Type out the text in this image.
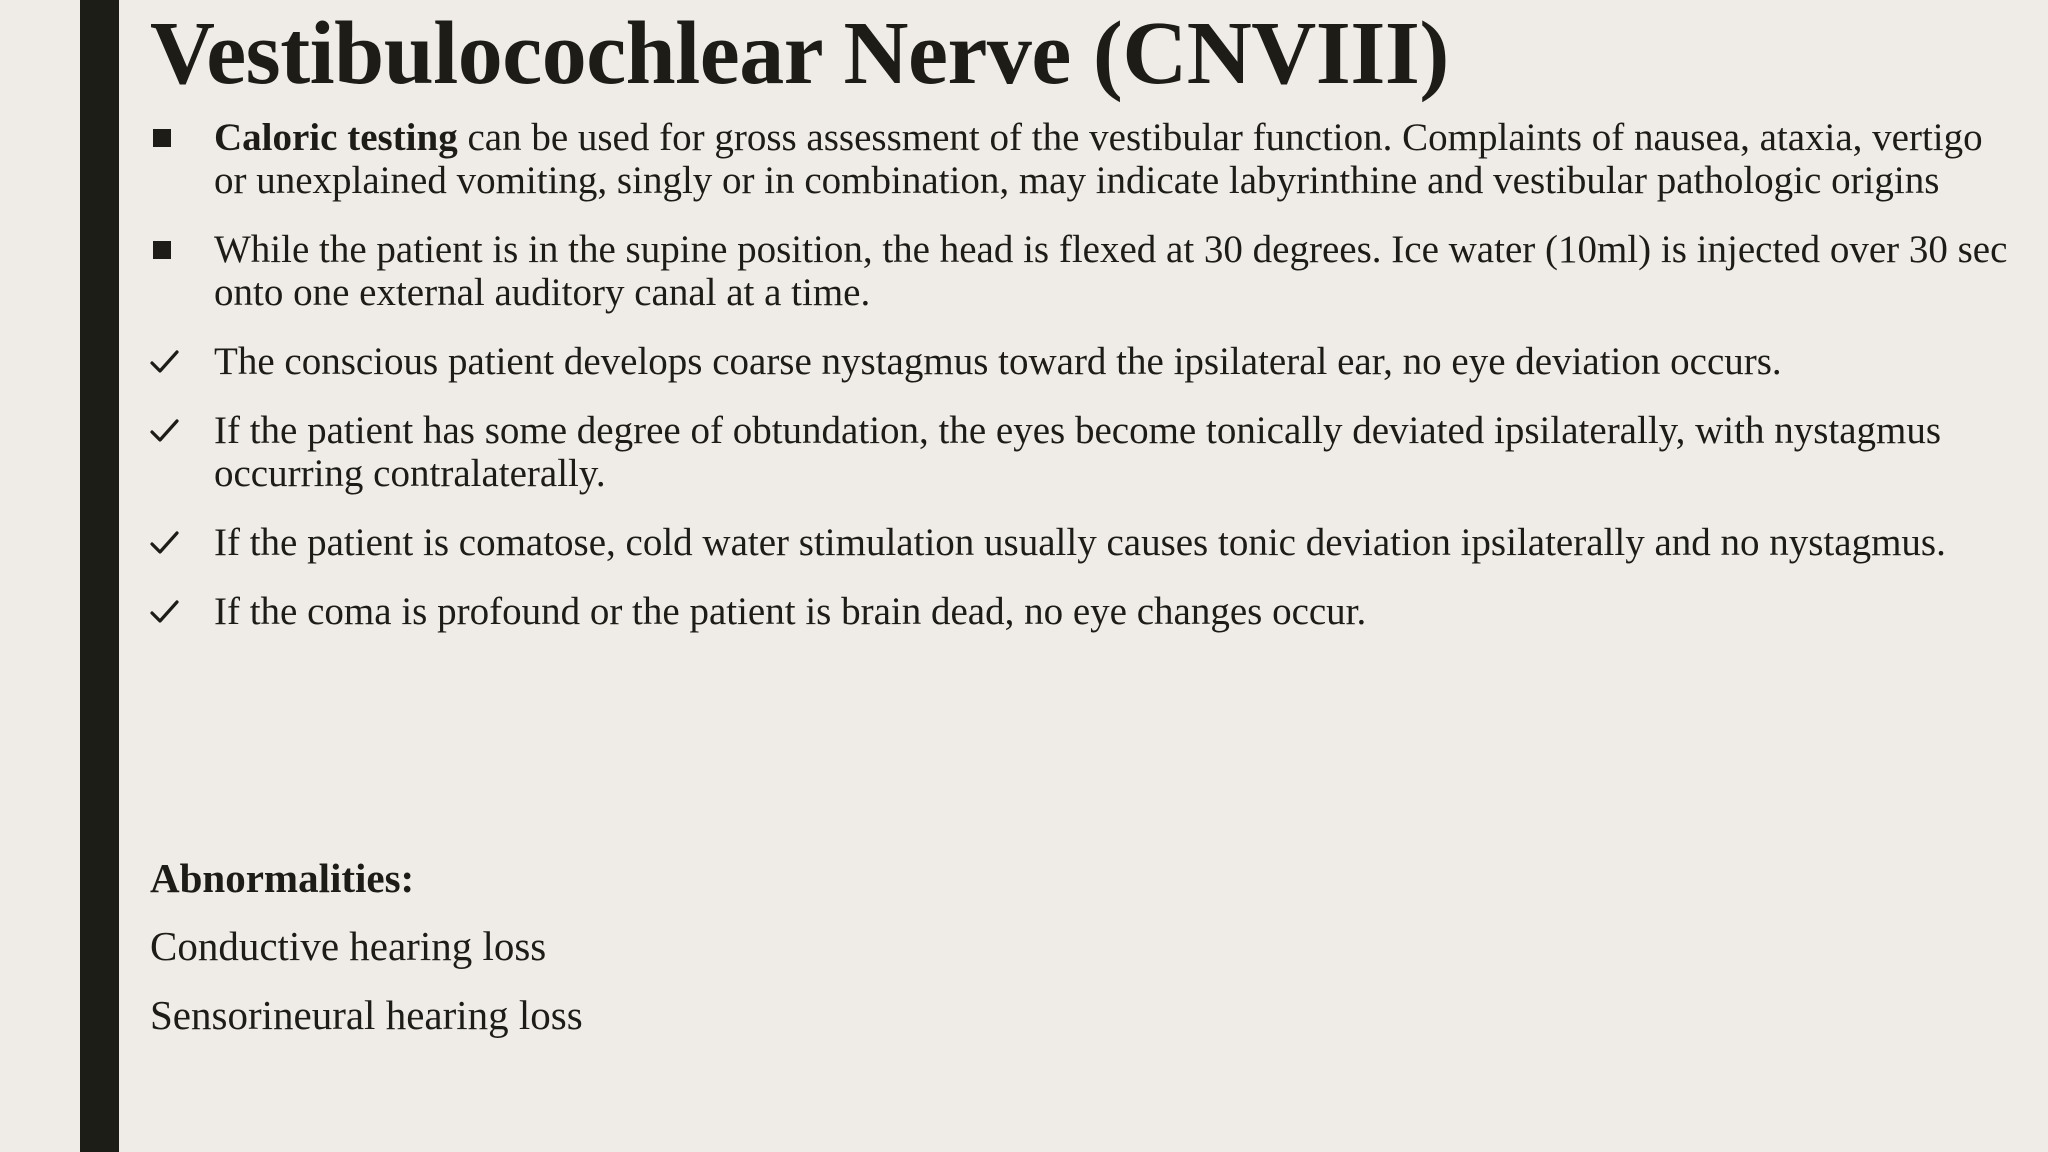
Vestibulocochlear Nerve (CNVIII)
Caloric testing can be used for gross assessment of the vestibular function. Complaints of nausea, ataxia, vertigo or unexplained vomiting, singly or in combination, may indicate labyrinthine and vestibular pathologic origins
While the patient is in the supine position, the head is flexed at 30 degrees. Ice water (10ml) is injected over 30 sec onto one external auditory canal at a time.
The conscious patient develops coarse nystagmus toward the ipsilateral ear, no eye deviation occurs.
If the patient has some degree of obtundation, the eyes become tonically deviated ipsilaterally, with nystagmus occurring contralaterally.
If the patient is comatose, cold water stimulation usually causes tonic deviation ipsilaterally and no nystagmus.
If the coma is profound or the patient is brain dead, no eye changes occur.

Abnormalities:

Conductive hearing loss

Sensorineural hearing loss
